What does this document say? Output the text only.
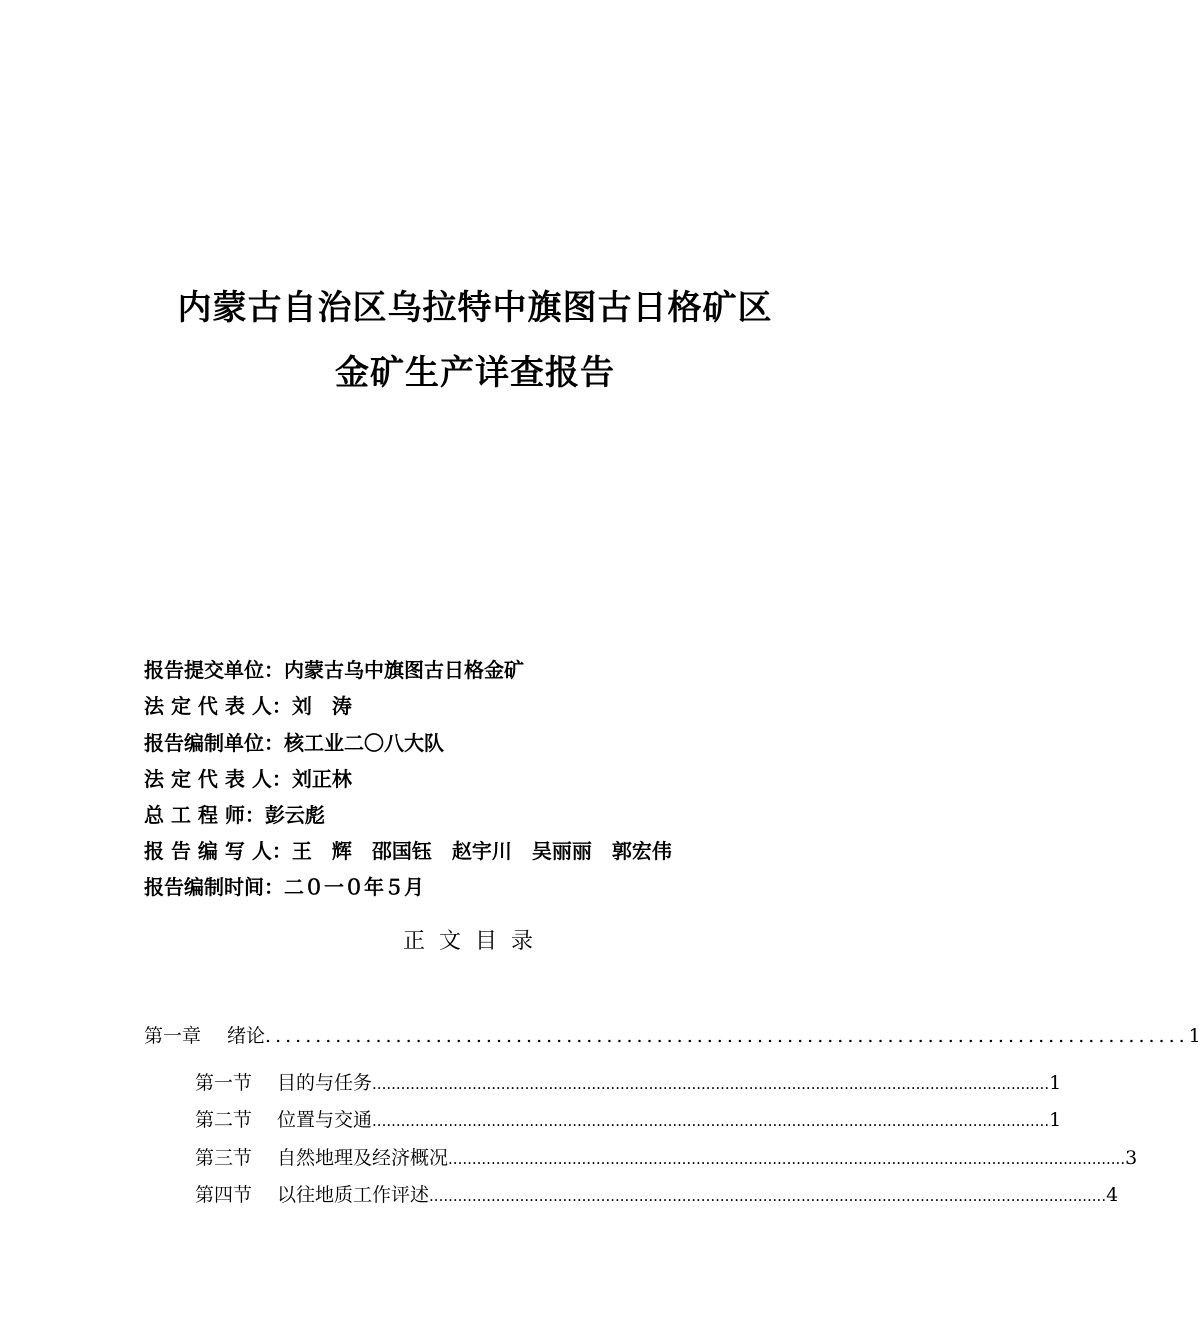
内蒙古自治区乌拉特中旗图古日格矿区
金矿生产详查报告
报告提交单位：内蒙古乌中旗图古日格金矿
法 定 代 表 人：刘　涛
报告编制单位：核工业二〇八大队
法 定 代 表 人：刘正林
总 工 程 师：彭云彪
报 告 编 写 人：王　辉　邵国钰　赵宇川　吴丽丽　郭宏伟
报告编制时间：二０一０年５月
正文目录
第一章 绪论 ............................................................................................ 1
第一节 目的与任务 .............................................................................................................................................. 1
第二节 位置与交通 .............................................................................................................................................. 1
第三节 自然地理及经济概况 .............................................................................................................................................. 3
第四节 以往地质工作评述 .............................................................................................................................................. 4
